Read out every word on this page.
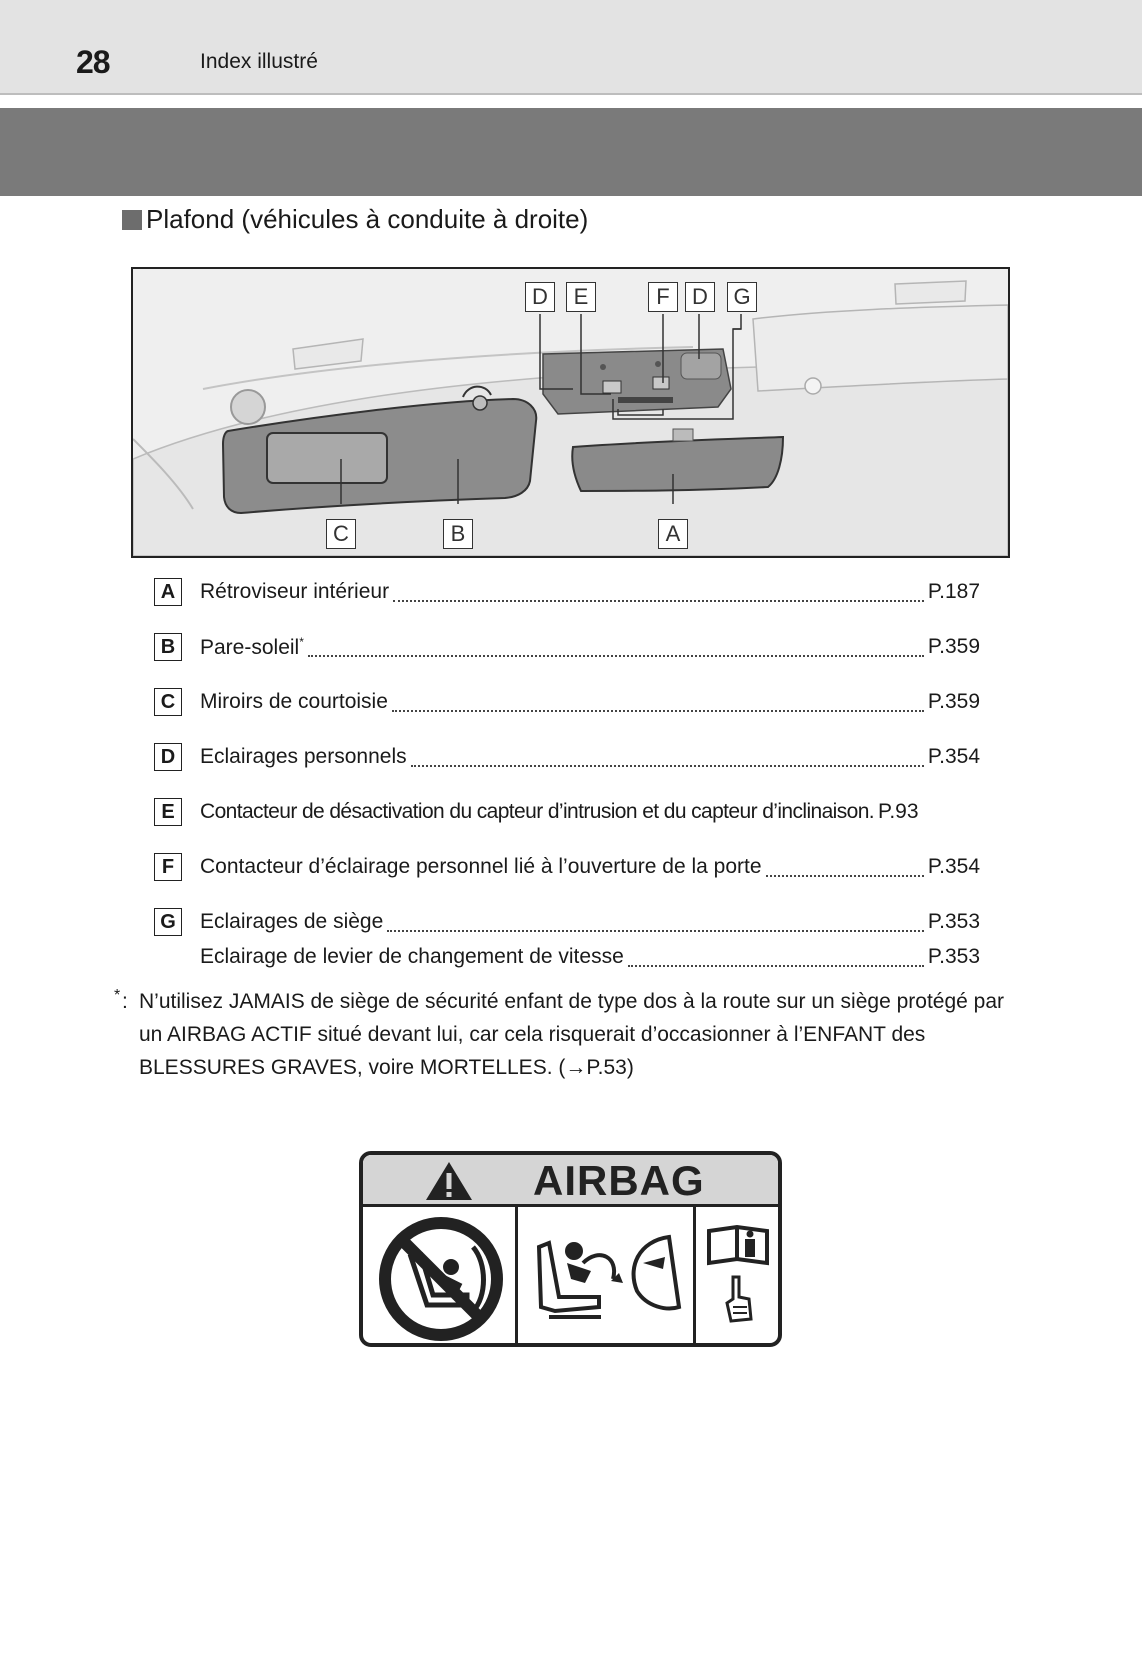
28	Index illustré
Plafond (véhicules à conduite à droite)
D	E	F	D	G
C	B	A
A	Rétroviseur intérieur	P.187
B	Pare-soleil*	P.359
C	Miroirs de courtoisie	P.359
D	Eclairages personnels	P.354
E	Contacteur de désactivation du capteur d’intrusion et du capteur d’inclinaison. P.93
F	Contacteur d’éclairage personnel lié à l’ouverture de la porte	P.354
G Eclairages de siège	P.353
Eclairage de levier de changement de vitesse	P.353
* : N’utilisez JAMAIS de siège de sécurité enfant de type dos à la route sur un siège protégé par un AIRBAG ACTIF situé devant lui, car cela risquerait d’occasionner à l’ENFANT des BLESSURES GRAVES, voire MORTELLES. (→P.53)
AIRBAG
